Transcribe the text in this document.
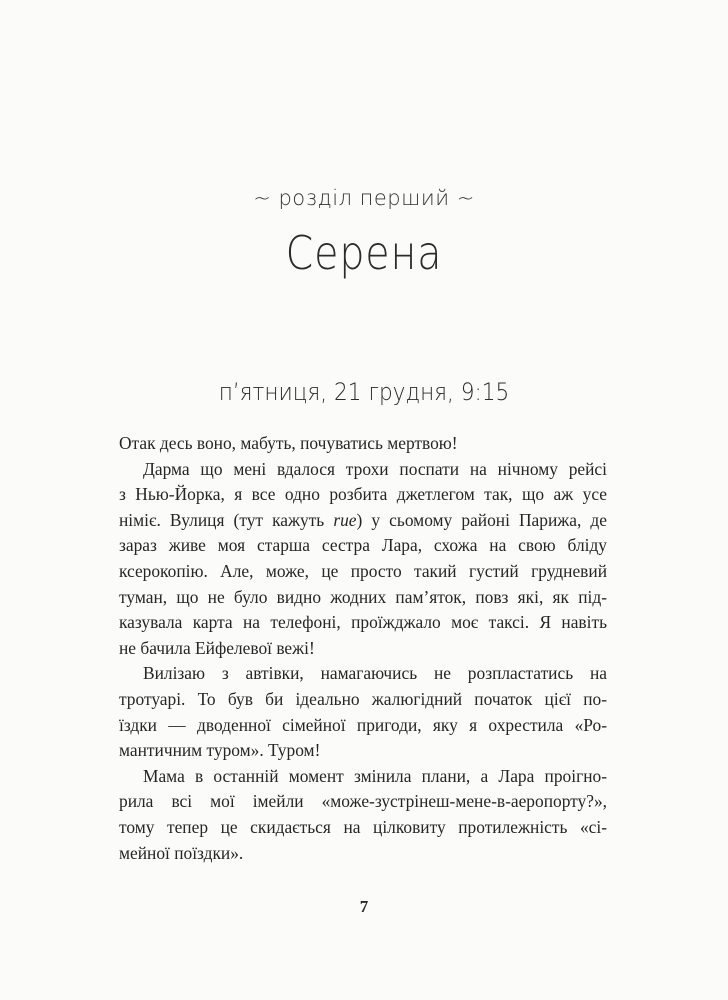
~ розділ перший ~
Серена
п’ятниця, 21 грудня, 9:15
Отак десь воно, мабуть, почуватись мертвою!
Дарма що мені вдалося трохи поспати на нічному рейсі
з Нью-Йорка, я все одно розбита джетлегом так, що аж усе
німіє. Вулиця (тут кажуть rue) у сьомому районі Парижа, де
зараз живе моя старша сестра Лара, схожа на свою бліду
ксерокопію. Але, може, це просто такий густий грудневий
туман, що не було видно жодних пам’яток, повз які, як під-
казувала карта на телефоні, проїжджало моє таксі. Я навіть
не бачила Ейфелевої вежі!
Вилізаю з автівки, намагаючись не розпластатись на
тротуарі. То був би ідеально жалюгідний початок цієї по-
їздки — дводенної сімейної пригоди, яку я охрестила «Ро-
мантичним туром». Туром!
Мама в останній момент змінила плани, а Лара проігно-
рила всі мої імейли «може-зустрінеш-мене-в-аеропорту?»,
тому тепер це скидається на цілковиту протилежність «сі-
мейної поїздки».
7
